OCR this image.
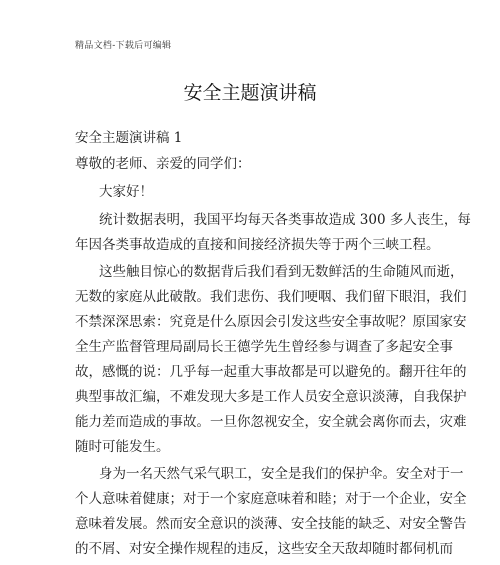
精品文档-下载后可编辑
安全主题演讲稿
安全主题演讲稿 1
尊敬的老师、亲爱的同学们：
大家好！
统计数据表明，我国平均每天各类事故造成 300 多人丧生，每
年因各类事故造成的直接和间接经济损失等于两个三峡工程。
这些触目惊心的数据背后我们看到无数鲜活的生命随风而逝，
无数的家庭从此破散。我们悲伤、我们哽咽、我们留下眼泪，我们
不禁深深思索：究竟是什么原因会引发这些安全事故呢？原国家安
全生产监督管理局副局长王德学先生曾经参与调查了多起安全事
故，感慨的说：几乎每一起重大事故都是可以避免的。翻开往年的
典型事故汇编，不难发现大多是工作人员安全意识淡薄，自我保护
能力差而造成的事故。一旦你忽视安全，安全就会离你而去，灾难
随时可能发生。
身为一名天然气采气职工，安全是我们的保护伞。安全对于一
个人意味着健康；对于一个家庭意味着和睦；对于一个企业，安全
意味着发展。然而安全意识的淡薄、安全技能的缺乏、对安全警告
的不屑、对安全操作规程的违反，这些安全天敌却随时都伺机而
